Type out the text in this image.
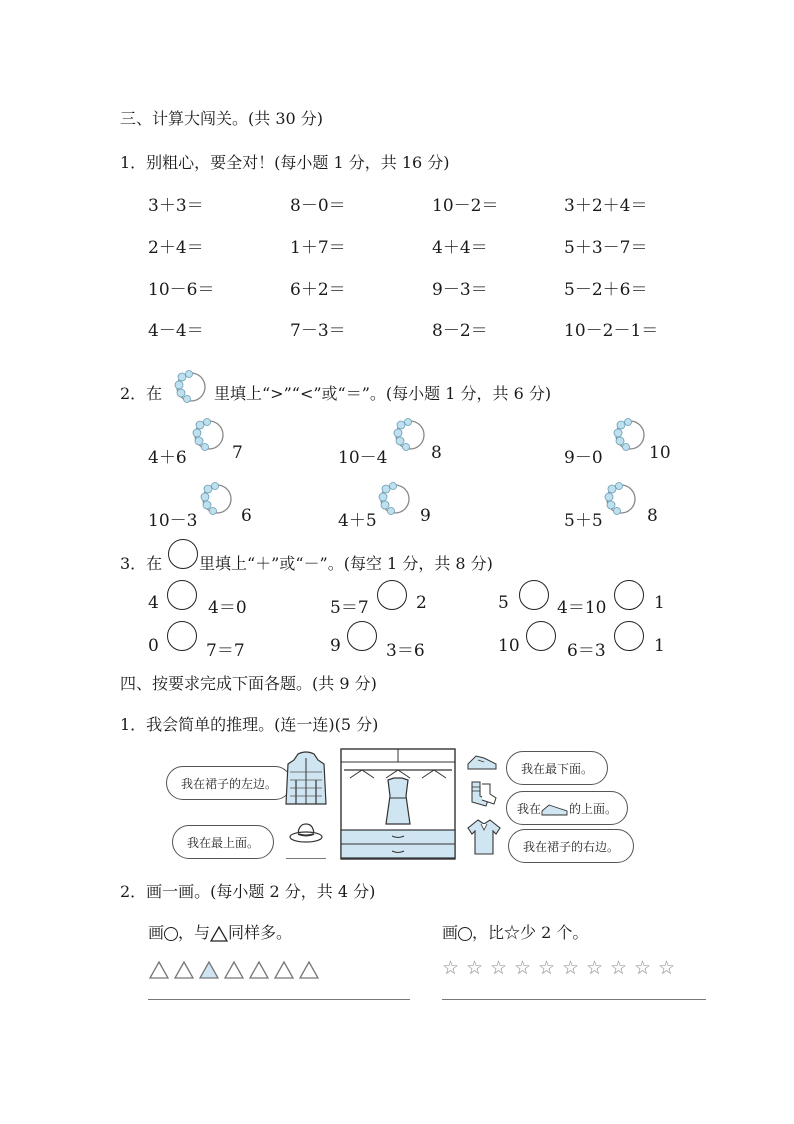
三、计算大闯关。(共 30 分)
1．别粗心，要全对！(每小题 1 分，共 16 分)
3＋3＝	8－0＝	10－2＝	3＋2＋4＝
2＋4＝	1＋7＝	4＋4＝	5＋3－7＝
10－6＝	6＋2＝	9－3＝	5－2＋6＝
4－4＝	7－3＝	8－2＝	10－2－1＝
2．在	里填上“>”“<”或“＝”。(每小题 1 分，共 6 分)
4＋6	7	10－4	8	9－0	10
10－3	6	4＋5	9	5＋5	8
3．在 里填上“＋”或“－”。(每空 1 分，共 8 分)
4	4＝0	5＝7	2	5	4＝10	1
0	7＝7	9	3＝6	10	6＝3	1
四、按要求完成下面各题。(共 9 分)
1．我会简单的推理。(连一连)(5 分)
我在裙子的左边。
我在最上面。
我在最下面。
我在 的上面。
我在裙子的右边。
2．画一画。(每小题 2 分，共 4 分)
画 ，与 同样多。	画 ，比☆少 2 个。
☆ ☆ ☆ ☆ ☆ ☆ ☆ ☆ ☆ ☆
